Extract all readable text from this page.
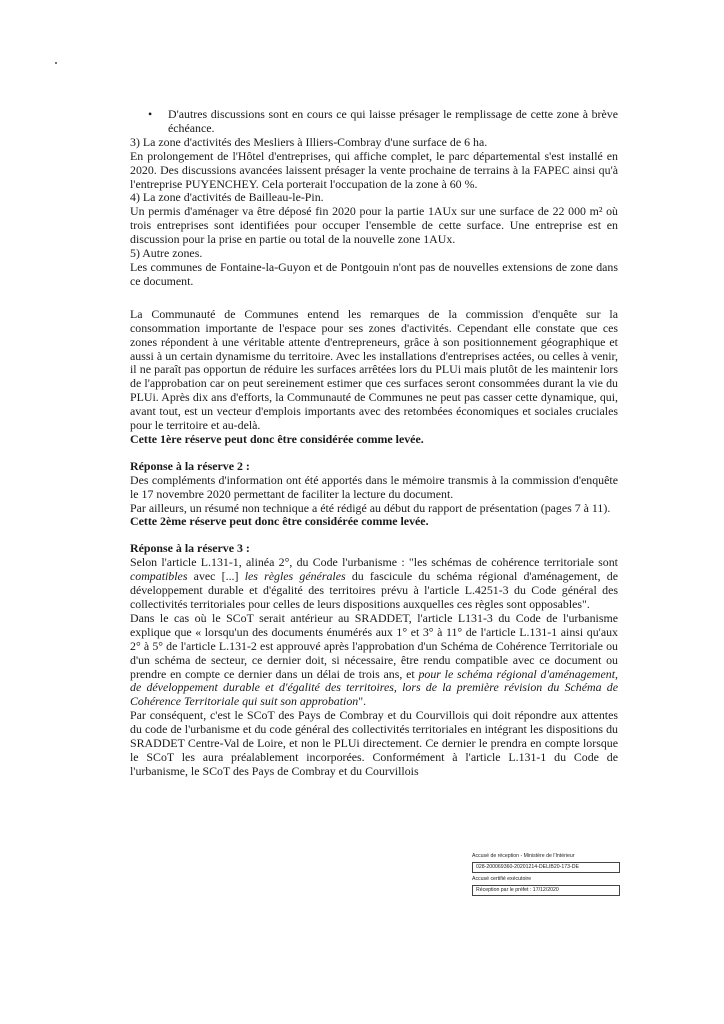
•	D'autres discussions sont en cours ce qui laisse présager le remplissage de cette zone à brève échéance.

3) La zone d'activités des Mesliers à Illiers-Combray d'une surface de 6 ha.

En prolongement de l'Hôtel d'entreprises, qui affiche complet, le parc départemental s'est installé en 2020. Des discussions avancées laissent présager la vente prochaine de terrains à la FAPEC ainsi qu'à l'entreprise PUYENCHEY. Cela porterait l'occupation de la zone à 60 %.

4) La zone d'activités de Bailleau-le-Pin.

Un permis d'aménager va être déposé fin 2020 pour la partie 1AUx sur une surface de 22 000 m² où trois entreprises sont identifiées pour occuper l'ensemble de cette surface. Une entreprise est en discussion pour la prise en partie ou total de la nouvelle zone 1AUx.

5) Autre zones.

Les communes de Fontaine-la-Guyon et de Pontgouin n'ont pas de nouvelles extensions de zone dans ce document.

La Communauté de Communes entend les remarques de la commission d'enquête sur la consommation importante de l'espace pour ses zones d'activités. Cependant elle constate que ces zones répondent à une véritable attente d'entrepreneurs, grâce à son positionnement géographique et aussi à un certain dynamisme du territoire. Avec les installations d'entreprises actées, ou celles à venir, il ne paraît pas opportun de réduire les surfaces arrêtées lors du PLUi mais plutôt de les maintenir lors de l'approbation car on peut sereinement estimer que ces surfaces seront consommées durant la vie du PLUi. Après dix ans d'efforts, la Communauté de Communes ne peut pas casser cette dynamique, qui, avant tout, est un vecteur d'emplois importants avec des retombées économiques et sociales cruciales pour le territoire et au-delà.

Cette 1ère réserve peut donc être considérée comme levée.

Réponse à la réserve 2 :

Des compléments d'information ont été apportés dans le mémoire transmis à la commission d'enquête le 17 novembre 2020 permettant de faciliter la lecture du document.

Par ailleurs, un résumé non technique a été rédigé au début du rapport de présentation (pages 7 à 11).

Cette 2ème réserve peut donc être considérée comme levée.

Réponse à la réserve 3 :

Selon l'article L.131-1, alinéa 2°, du Code l'urbanisme : "les schémas de cohérence territoriale sont compatibles avec [...] les règles générales du fascicule du schéma régional d'aménagement, de développement durable et d'égalité des territoires prévu à l'article L.4251-3 du Code général des collectivités territoriales pour celles de leurs dispositions auxquelles ces règles sont opposables".

Dans le cas où le SCoT serait antérieur au SRADDET, l'article L131-3 du Code de l'urbanisme explique que « lorsqu'un des documents énumérés aux 1° et 3° à 11° de l'article L.131-1 ainsi qu'aux 2° à 5° de l'article L.131-2 est approuvé après l'approbation d'un Schéma de Cohérence Territoriale ou d'un schéma de secteur, ce dernier doit, si nécessaire, être rendu compatible avec ce document ou prendre en compte ce dernier dans un délai de trois ans, et pour le schéma régional d'aménagement, de développement durable et d'égalité des territoires, lors de la première révision du Schéma de Cohérence Territoriale qui suit son approbation".

Par conséquent, c'est le SCoT des Pays de Combray et du Courvillois qui doit répondre aux attentes du code de l'urbanisme et du code général des collectivités territoriales en intégrant les dispositions du SRADDET Centre-Val de Loire, et non le PLUi directement. Ce dernier le prendra en compte lorsque le SCoT les aura préalablement incorporées. Conformément à l'article L.131-1 du Code de l'urbanisme, le SCoT des Pays de Combray et du Courvillois

Accusé de réception - Ministère de l'Intérieur
028-200069360-20201214-DELIB20-173-DE
Accusé certifié exécutoire
Réception par le préfet : 17/12/2020
